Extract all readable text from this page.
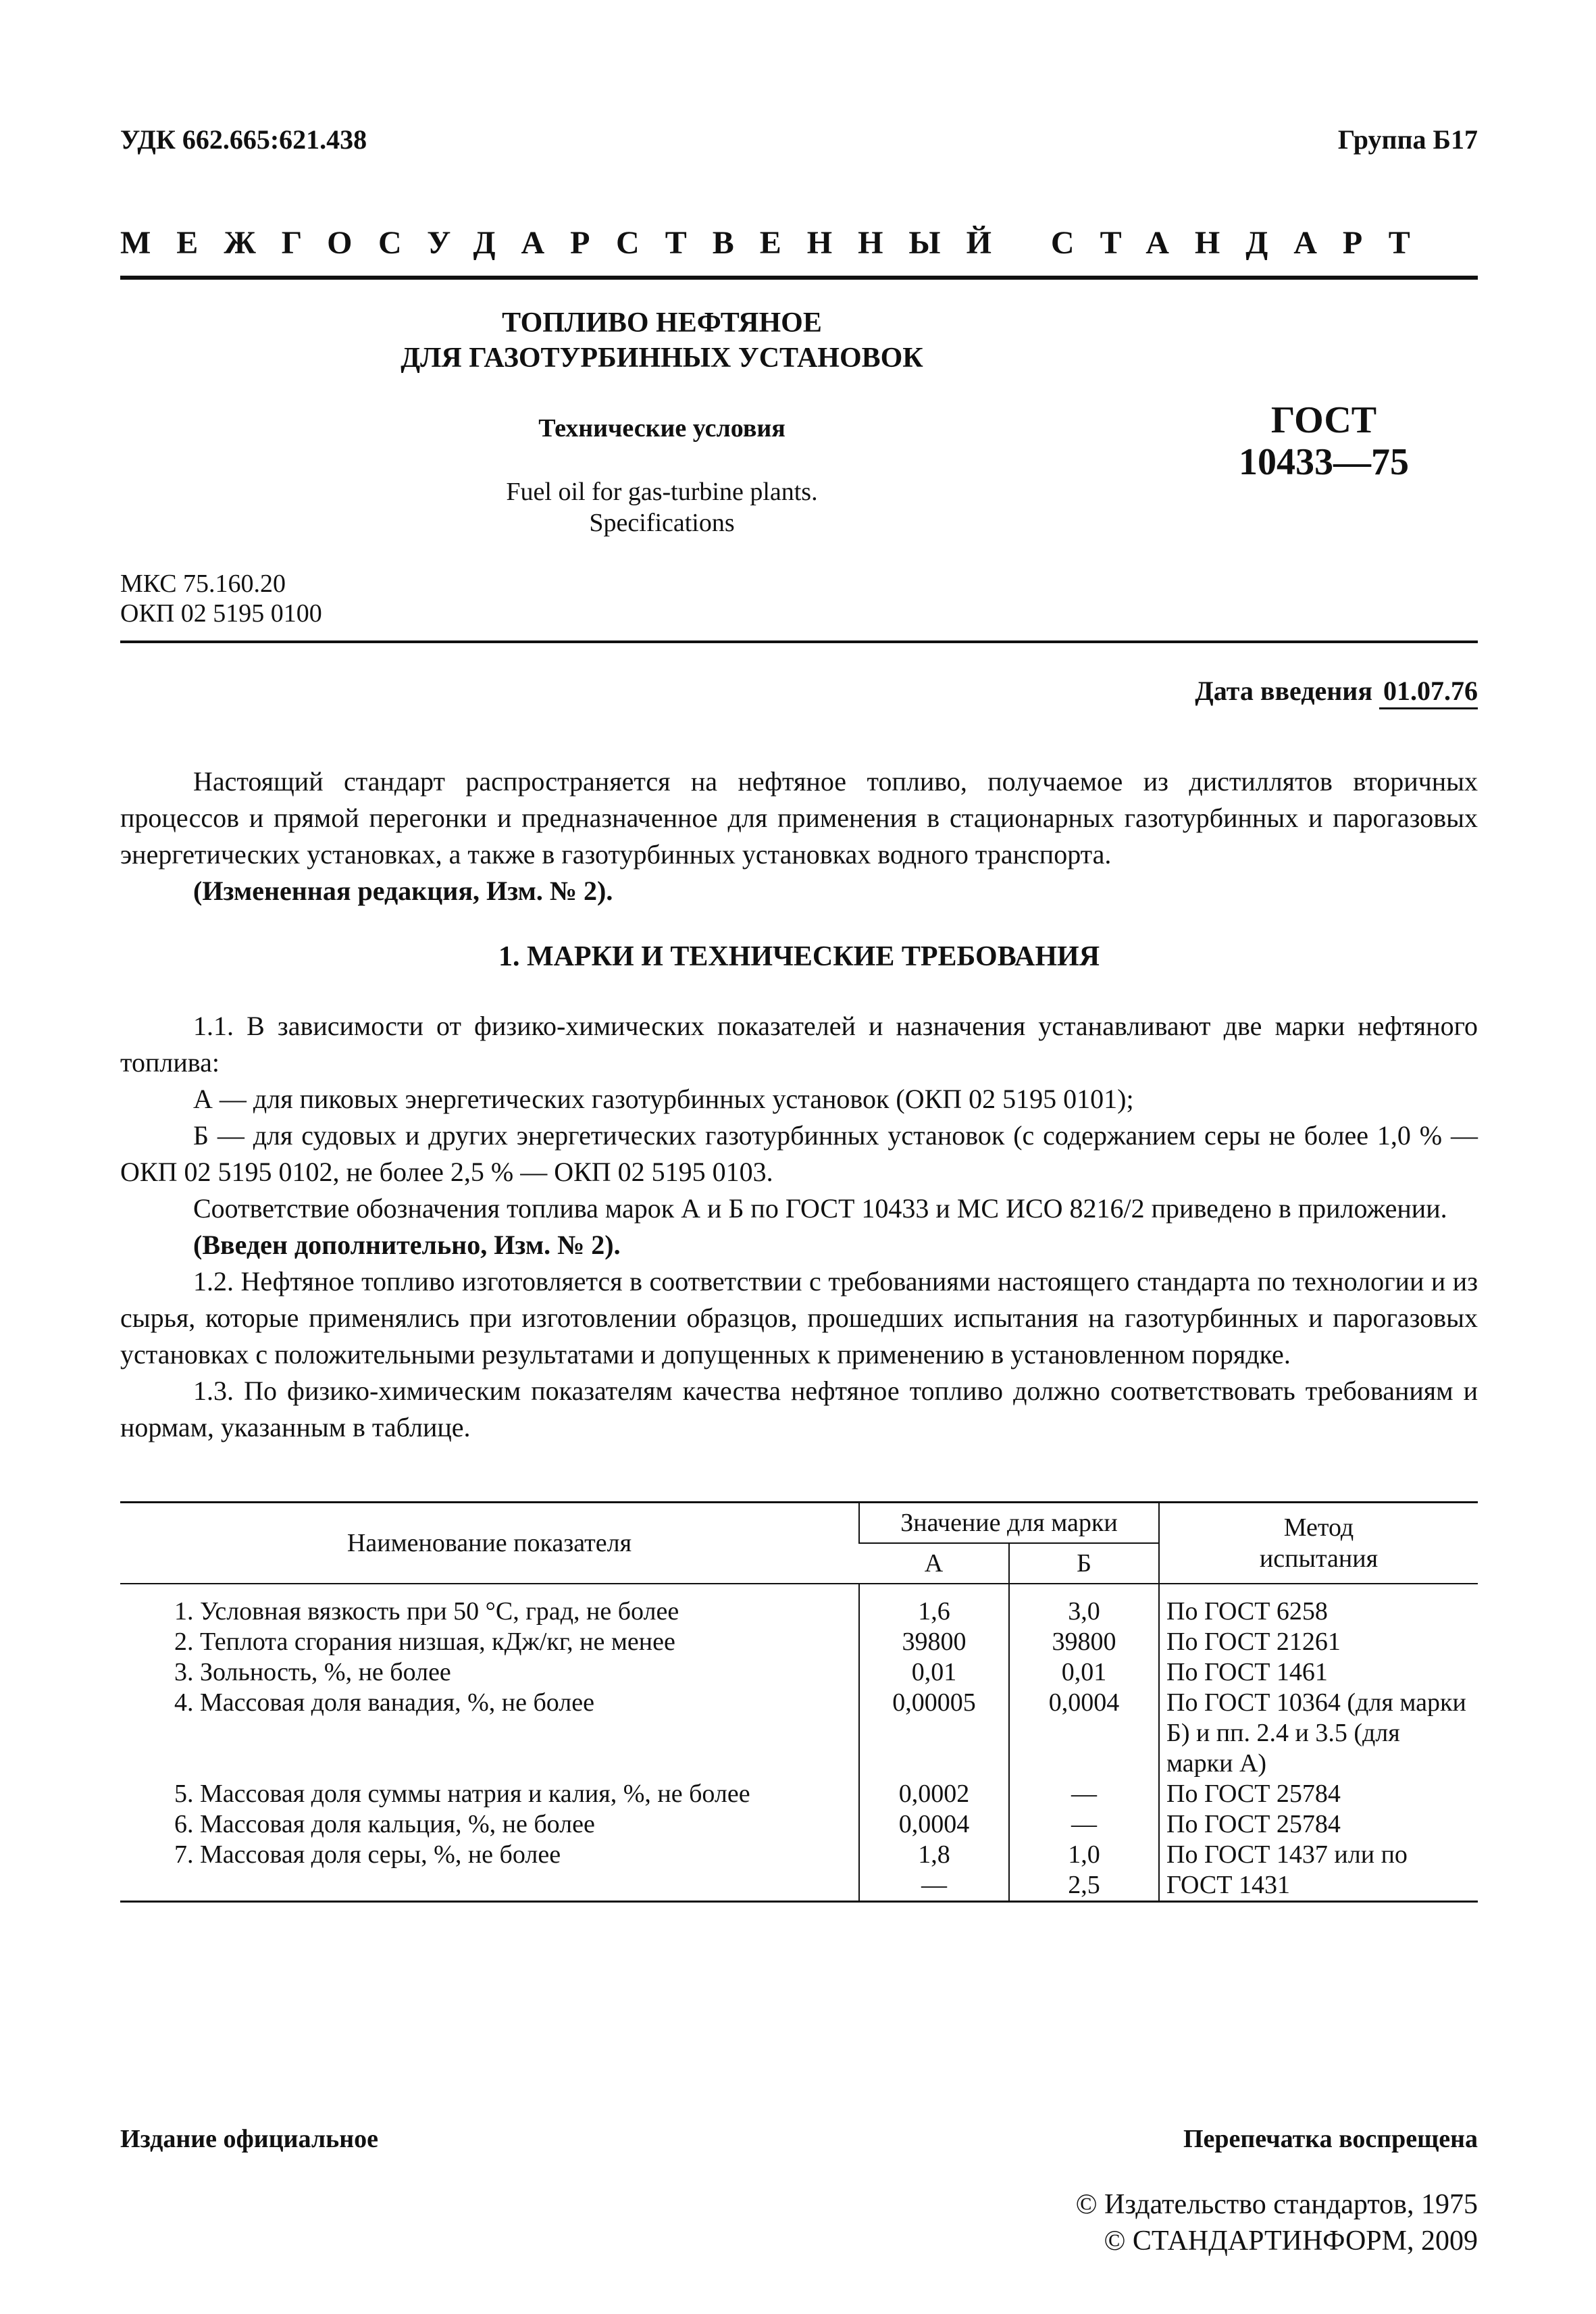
УДК 662.665:621.438	Группа Б17
МЕЖГОСУДАРСТВЕННЫЙ СТАНДАРТ
ТОПЛИВО НЕФТЯНОЕ
ДЛЯ ГАЗОТУРБИННЫХ УСТАНОВОК
Технические условия
Fuel oil for gas-turbine plants.
Specifications
ГОСТ
10433—75
МКС 75.160.20
ОКП 02 5195 0100
Дата введения 01.07.76

Настоящий стандарт распространяется на нефтяное топливо, получаемое из дистиллятов вторичных процессов и прямой перегонки и предназначенное для применения в стационарных газотурбинных и парогазовых энергетических установках, а также в газотурбинных установках водного транспорта.

(Измененная редакция, Изм. № 2).

1. МАРКИ И ТЕХНИЧЕСКИЕ ТРЕБОВАНИЯ

1.1. В зависимости от физико-химических показателей и назначения устанавливают две марки нефтяного топлива:

А — для пиковых энергетических газотурбинных установок (ОКП 02 5195 0101);

Б — для судовых и других энергетических газотурбинных установок (с содержанием серы не более 1,0 % — ОКП 02 5195 0102, не более 2,5 % — ОКП 02 5195 0103.

Соответствие обозначения топлива марок А и Б по ГОСТ 10433 и МС ИСО 8216/2 приведено в приложении.

(Введен дополнительно, Изм. № 2).

1.2. Нефтяное топливо изготовляется в соответствии с требованиями настоящего стандарта по технологии и из сырья, которые применялись при изготовлении образцов, прошедших испытания на газотурбинных и парогазовых установках с положительными результатами и допущенных к применению в установленном порядке.

1.3. По физико-химическим показателям качества нефтяное топливо должно соответствовать требованиям и нормам, указанным в таблице.

Наименование показателя	Значение для марки		Метод
испытания

	А	Б	
1. Условная вязкость при 50 °С, град, не более	1,6	3,0	По ГОСТ 6258
2. Теплота сгорания низшая, кДж/кг, не менее	39800	39800	По ГОСТ 21261
3. Зольность, %, не более	0,01	0,01	По ГОСТ 1461
4. Массовая доля ванадия, %, не более	0,00005	0,0004	По ГОСТ 10364 (для марки Б) и пп. 2.4 и 3.5 (для марки А)
5. Массовая доля суммы натрия и калия, %, не более	0,0002	—	По ГОСТ 25784
6. Массовая доля кальция, %, не более	0,0004	—	По ГОСТ 25784
7. Массовая доля серы, %, не более	1,8	1,0	По ГОСТ 1437 или по
	—	2,5	ГОСТ 1431
Издание официальное	Перепечатка воспрещена
© Издательство стандартов, 1975
© СТАНДАРТИНФОРМ, 2009
